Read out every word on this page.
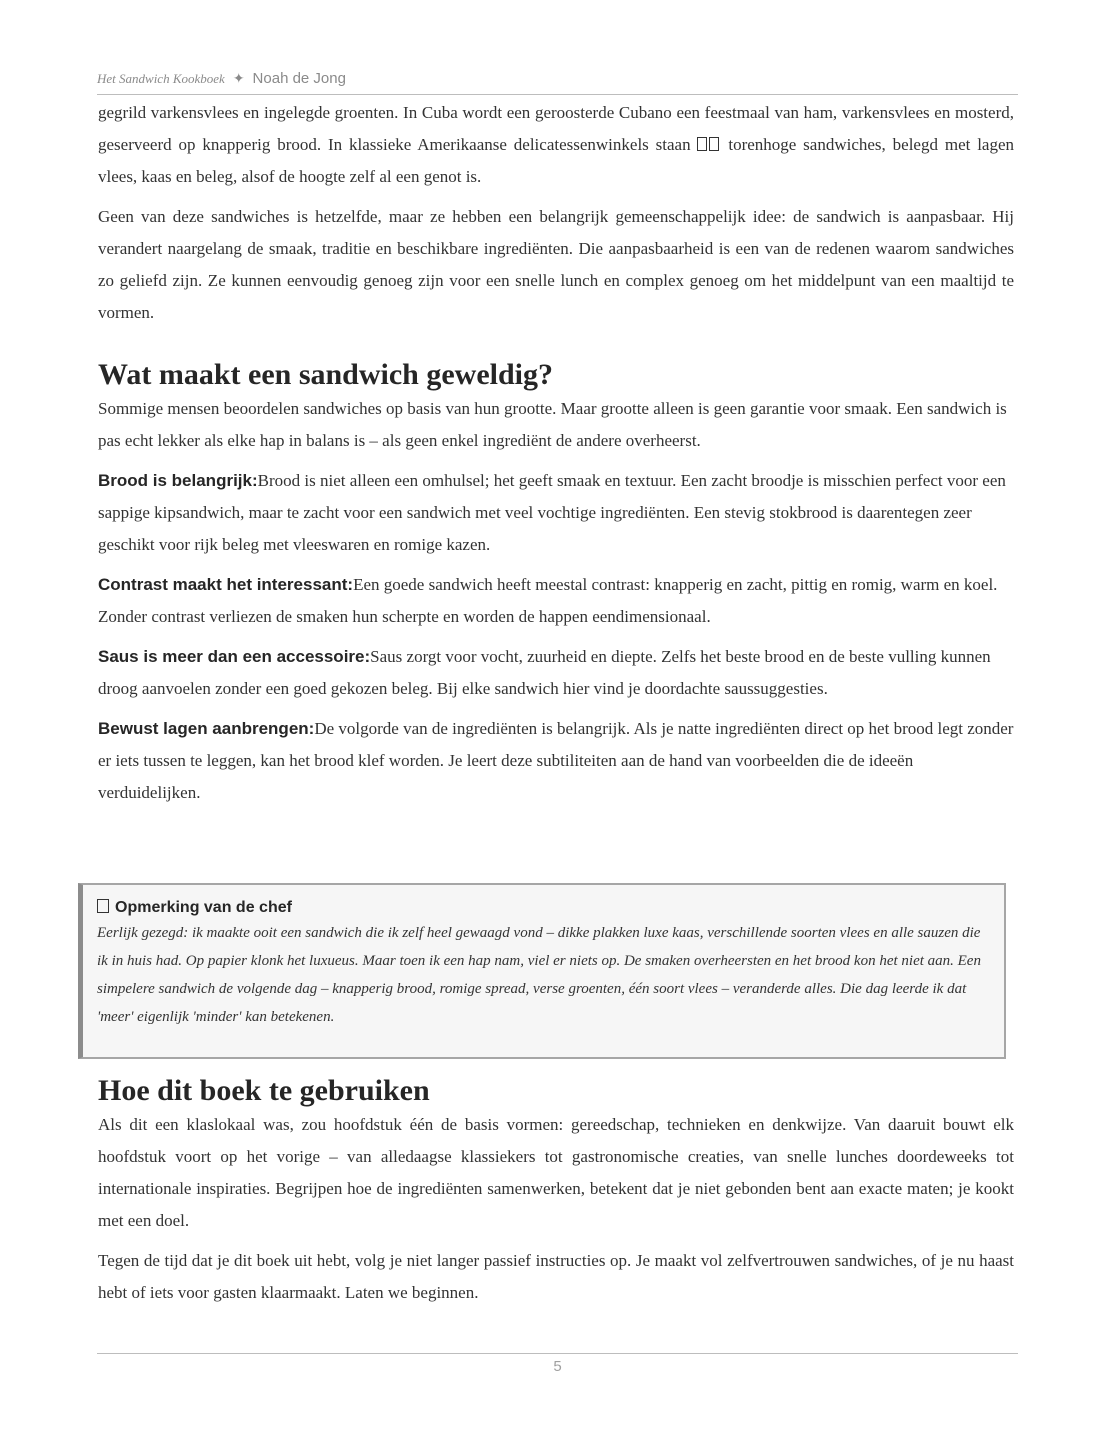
Het Sandwich Kookboek ✦ Noah de Jong

gegrild varkensvlees en ingelegde groenten. In Cuba wordt een geroosterde Cubano een feestmaal van ham, varkensvlees en mosterd, geserveerd op knapperig brood. In klassieke Amerikaanse delicatessenwinkels staan torenhoge sandwiches, belegd met lagen vlees, kaas en beleg, alsof de hoogte zelf al een genot is.

Geen van deze sandwiches is hetzelfde, maar ze hebben een belangrijk gemeenschappelijk idee: de sandwich is aanpasbaar. Hij verandert naargelang de smaak, traditie en beschikbare ingrediënten. Die aanpasbaarheid is een van de redenen waarom sandwiches zo geliefd zijn. Ze kunnen eenvoudig genoeg zijn voor een snelle lunch en complex genoeg om het middelpunt van een maaltijd te vormen.

Wat maakt een sandwich geweldig?

Sommige mensen beoordelen sandwiches op basis van hun grootte. Maar grootte alleen is geen garantie voor smaak. Een sandwich is pas echt lekker als elke hap in balans is – als geen enkel ingrediënt de andere overheerst.

Brood is belangrijk:Brood is niet alleen een omhulsel; het geeft smaak en textuur. Een zacht broodje is misschien perfect voor een sappige kipsandwich, maar te zacht voor een sandwich met veel vochtige ingrediënten. Een stevig stokbrood is daarentegen zeer geschikt voor rijk beleg met vleeswaren en romige kazen.

Contrast maakt het interessant:Een goede sandwich heeft meestal contrast: knapperig en zacht, pittig en romig, warm en koel. Zonder contrast verliezen de smaken hun scherpte en worden de happen eendimensionaal.

Saus is meer dan een accessoire:Saus zorgt voor vocht, zuurheid en diepte. Zelfs het beste brood en de beste vulling kunnen droog aanvoelen zonder een goed gekozen beleg. Bij elke sandwich hier vind je doordachte saussuggesties.

Bewust lagen aanbrengen:De volgorde van de ingrediënten is belangrijk. Als je natte ingrediënten direct op het brood legt zonder er iets tussen te leggen, kan het brood klef worden. Je leert deze subtiliteiten aan de hand van voorbeelden die de ideeën verduidelijken.

Opmerking van de chef

Eerlijk gezegd: ik maakte ooit een sandwich die ik zelf heel gewaagd vond – dikke plakken luxe kaas, verschillende soorten vlees en alle sauzen die ik in huis had. Op papier klonk het luxueus. Maar toen ik een hap nam, viel er niets op. De smaken overheersten en het brood kon het niet aan. Een simpelere sandwich de volgende dag – knapperig brood, romige spread, verse groenten, één soort vlees – veranderde alles. Die dag leerde ik dat 'meer' eigenlijk 'minder' kan betekenen.

Hoe dit boek te gebruiken

Als dit een klaslokaal was, zou hoofdstuk één de basis vormen: gereedschap, technieken en denkwijze. Van daaruit bouwt elk hoofdstuk voort op het vorige – van alledaagse klassiekers tot gastronomische creaties, van snelle lunches doordeweeks tot internationale inspiraties. Begrijpen hoe de ingrediënten samenwerken, betekent dat je niet gebonden bent aan exacte maten; je kookt met een doel.

Tegen de tijd dat je dit boek uit hebt, volg je niet langer passief instructies op. Je maakt vol zelfvertrouwen sandwiches, of je nu haast hebt of iets voor gasten klaarmaakt. Laten we beginnen.

5
